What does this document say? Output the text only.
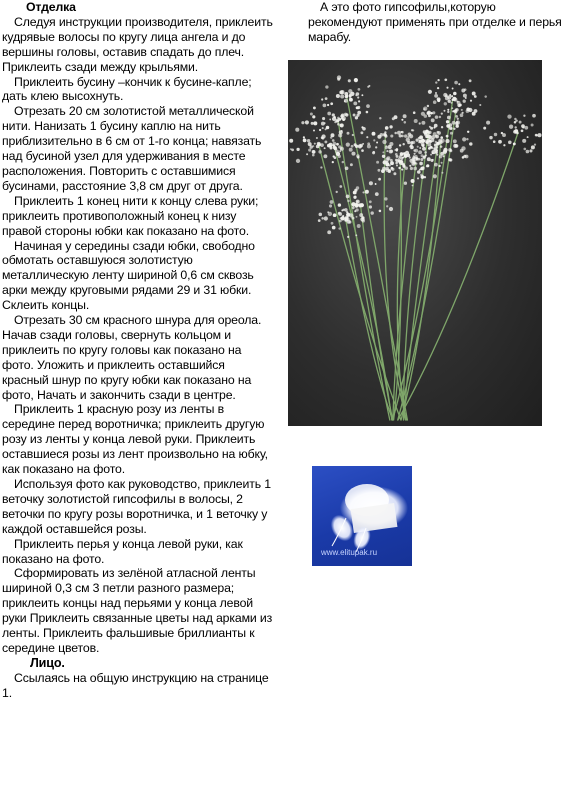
Отделка

Следуя инструкции производителя, приклеить кудрявые волосы по кругу лица ангела и до вершины головы, оставив спадать до плеч. Приклеить сзади между крыльями.

Приклеить бусину –кончик к бусине-капле; дать клею высохнуть.

Отрезать 20 см золотистой металлической нити. Нанизать 1 бусину каплю на нить приблизительно в 6 см от 1-го конца; навязать над бусиной узел для удерживания в месте расположения. Повторить с оставшимися бусинами, расстояние 3,8 см друг от друга.

Приклеить 1 конец нити к концу слева руки; приклеить противоположный конец к низу правой стороны юбки как показано на фото.

Начиная у середины сзади юбки, свободно обмотать оставшуюся золотистую металлическую ленту шириной 0,6 см сквозь арки между круговыми рядами 29 и 31 юбки. Склеить концы.

Отрезать 30 см красного шнура для ореола. Начав сзади головы, свернуть кольцом и приклеить по кругу головы как показано на фото. Уложить и приклеить оставшийся красный шнур по кругу юбки как показано на фото, Начать и закончить сзади в центре.

Приклеить 1 красную розу из ленты в середине перед воротничка; приклеить другую розу из ленты у конца левой руки. Приклеить оставшиеся розы из лент произвольно на юбку, как показано на фото.

Используя фото как руководство, приклеить 1 веточку золотистой гипсофилы в волосы, 2 веточки по кругу розы воротничка, и 1 веточку у каждой оставшейся розы.

Приклеить перья у конца левой руки, как показано на фото.

Сформировать из зелёной атласной ленты шириной 0,3 см 3 петли разного размера; приклеить концы над перьями у конца левой руки Приклеить связанные цветы над арками из ленты. Приклеить фальшивые бриллианты к середине цветов.

Лицо.

Ссылаясь на общую инструкцию на странице 1.

А это фото гипсофилы,которую рекомендуют применять при отделке и перья марабу.
www.elitupak.ru
